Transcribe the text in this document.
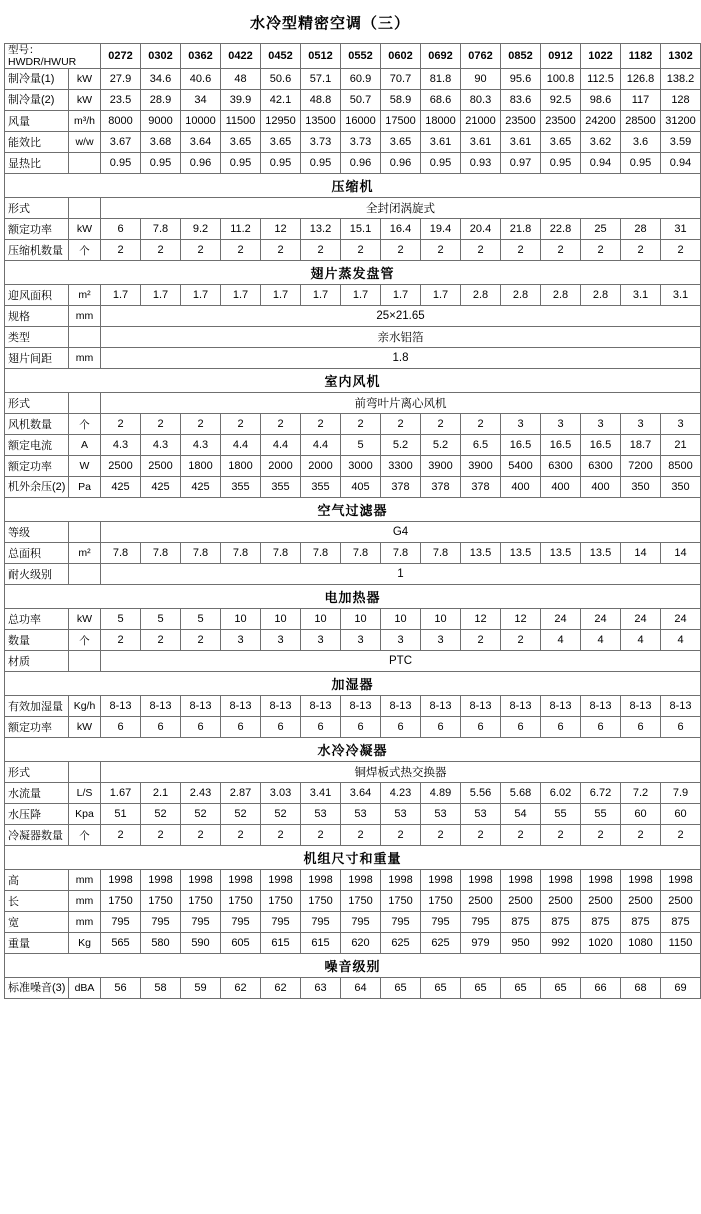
水冷型精密空调（三）
型号：
HWDR/HWUR		0272	0302	0362	0422	0452	0512	0552	0602	0692	0762	0852	0912	1022	1182	1302
制冷量(1)	kW	27.9	34.6	40.6	48	50.6	57.1	60.9	70.7	81.8	90	95.6	100.8	112.5	126.8	138.2
制冷量(2)	kW	23.5	28.9	34	39.9	42.1	48.8	50.7	58.9	68.6	80.3	83.6	92.5	98.6	117	128
风量	m³/h	8000	9000	10000	11500	12950	13500	16000	17500	18000	21000	23500	23500	24200	28500	31200
能效比	w/w	3.67	3.68	3.64	3.65	3.65	3.73	3.73	3.65	3.61	3.61	3.61	3.65	3.62	3.6	3.59
显热比		0.95	0.95	0.96	0.95	0.95	0.95	0.96	0.96	0.95	0.93	0.97	0.95	0.94	0.95	0.94
压缩机																
形式		全封闭涡旋式														
额定功率	kW	6	7.8	9.2	11.2	12	13.2	15.1	16.4	19.4	20.4	21.8	22.8	25	28	31
压缩机数量	个	2	2	2	2	2	2	2	2	2	2	2	2	2	2	2
翅片蒸发盘管																
迎风面积	m²	1.7	1.7	1.7	1.7	1.7	1.7	1.7	1.7	1.7	2.8	2.8	2.8	2.8	3.1	3.1
规格	mm	25×21.65														
类型		亲水铝箔														
翅片间距	mm	1.8														
室内风机																
形式		前弯叶片离心风机														
风机数量	个	2	2	2	2	2	2	2	2	2	2	3	3	3	3	3
额定电流	A	4.3	4.3	4.3	4.4	4.4	4.4	5	5.2	5.2	6.5	16.5	16.5	16.5	18.7	21
额定功率	W	2500	2500	1800	1800	2000	2000	3000	3300	3900	3900	5400	6300	6300	7200	8500
机外余压(2)	Pa	425	425	425	355	355	355	405	378	378	378	400	400	400	350	350
空气过滤器																
等级		G4														
总面积	m²	7.8	7.8	7.8	7.8	7.8	7.8	7.8	7.8	7.8	13.5	13.5	13.5	13.5	14	14
耐火级别		1														
电加热器																
总功率	kW	5	5	5	10	10	10	10	10	10	12	12	24	24	24	24
数量	个	2	2	2	3	3	3	3	3	3	2	2	4	4	4	4
材质		PTC														
加湿器																
有效加湿量	Kg/h	8-13	8-13	8-13	8-13	8-13	8-13	8-13	8-13	8-13	8-13	8-13	8-13	8-13	8-13	8-13
额定功率	kW	6	6	6	6	6	6	6	6	6	6	6	6	6	6	6
水冷冷凝器																
形式		铜焊板式热交换器														
水流量	L/S	1.67	2.1	2.43	2.87	3.03	3.41	3.64	4.23	4.89	5.56	5.68	6.02	6.72	7.2	7.9
水压降	Kpa	51	52	52	52	52	53	53	53	53	53	54	55	55	60	60
冷凝器数量	个	2	2	2	2	2	2	2	2	2	2	2	2	2	2	2
机组尺寸和重量																
高	mm	1998	1998	1998	1998	1998	1998	1998	1998	1998	1998	1998	1998	1998	1998	1998
长	mm	1750	1750	1750	1750	1750	1750	1750	1750	1750	2500	2500	2500	2500	2500	2500
宽	mm	795	795	795	795	795	795	795	795	795	795	875	875	875	875	875
重量	Kg	565	580	590	605	615	615	620	625	625	979	950	992	1020	1080	1150
噪音级别																
标准噪音(3)	dBA	56	58	59	62	62	63	64	65	65	65	65	65	66	68	69
